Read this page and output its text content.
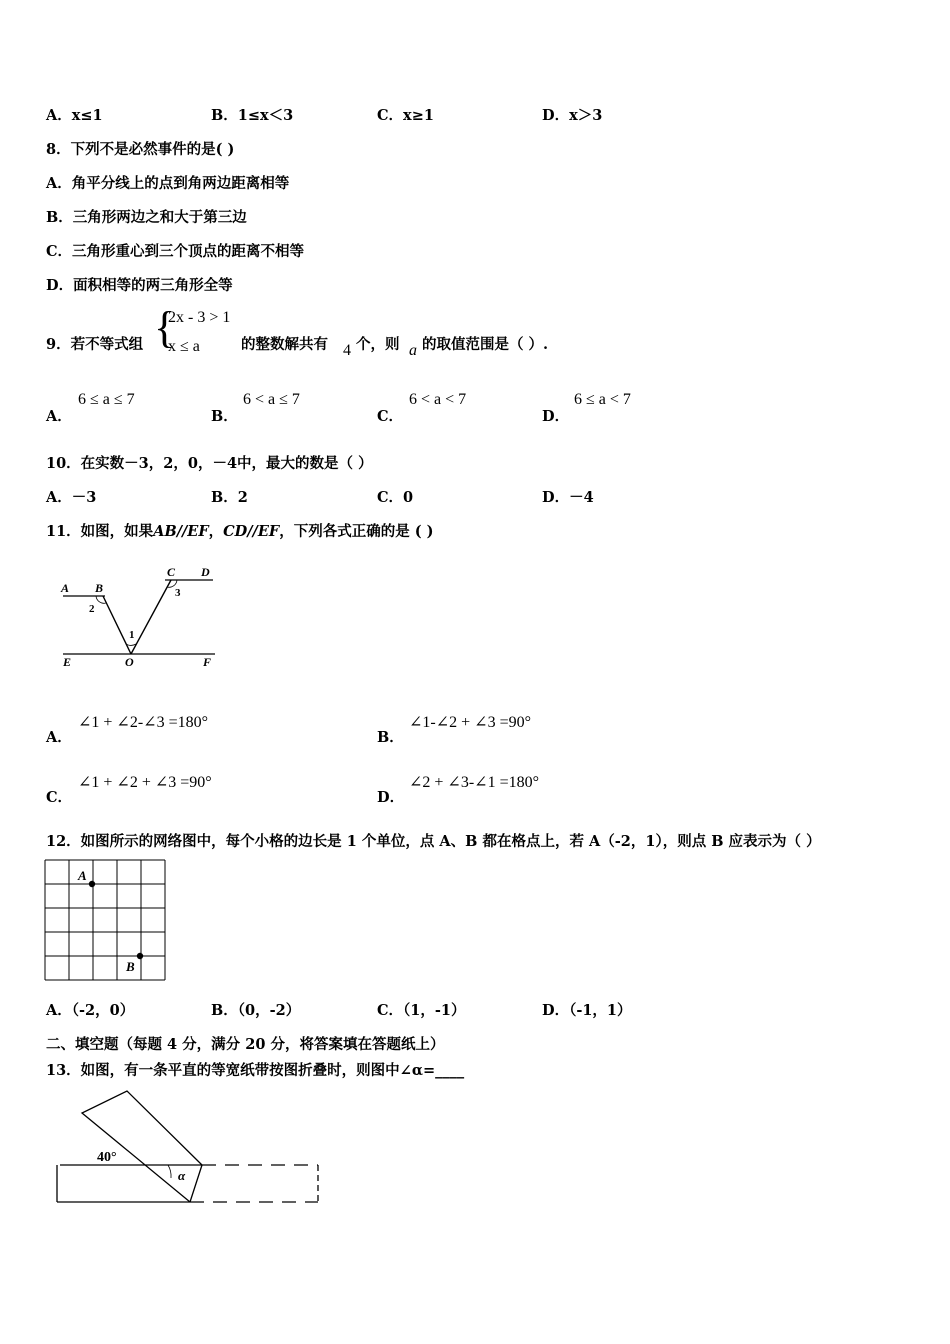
A．x≤1	B．1≤x＜3	C．x≥1	D．x＞3
8．下列不是必然事件的是( )
A．角平分线上的点到角两边距离相等
B．三角形两边之和大于第三边
C．三角形重心到三个顶点的距离不相等
D．面积相等的两三角形全等
9．若不等式组 {
2x - 3 > 1
x ≤ a	的整数解共有 4 个，则 a 的取值范围是（ ）.
A．
6 ≤ a ≤ 7
B．
6 < a ≤ 7
C．
6 < a < 7
D．
6 ≤ a < 7
10．在实数－3，2，0，－4中，最大的数是（ ）
A．－3	B．2	C．0	D．－4
11．如图，如果AB//EF，CD//EF，下列各式正确的是 ( )
A B
C D
E	O	F
1
2
3
A．
∠1 + ∠2-∠3 =180°
B．
∠1-∠2 + ∠3 =90°
C．
∠1 + ∠2 + ∠3 =90°
D．
∠2 + ∠3-∠1 =180°
12．如图所示的网络图中，每个小格的边长是 1 个单位，点 A、B 都在格点上，若 A（-2，1），则点 B 应表示为（ ）
A
B
A．（-2，0）	B．（0，-2）	C．（1，-1）	D．（-1，1）
二、填空题（每题 4 分，满分 20 分，将答案填在答题纸上）
13．如图，有一条平直的等宽纸带按图折叠时，则图中∠α=____
40°
α
